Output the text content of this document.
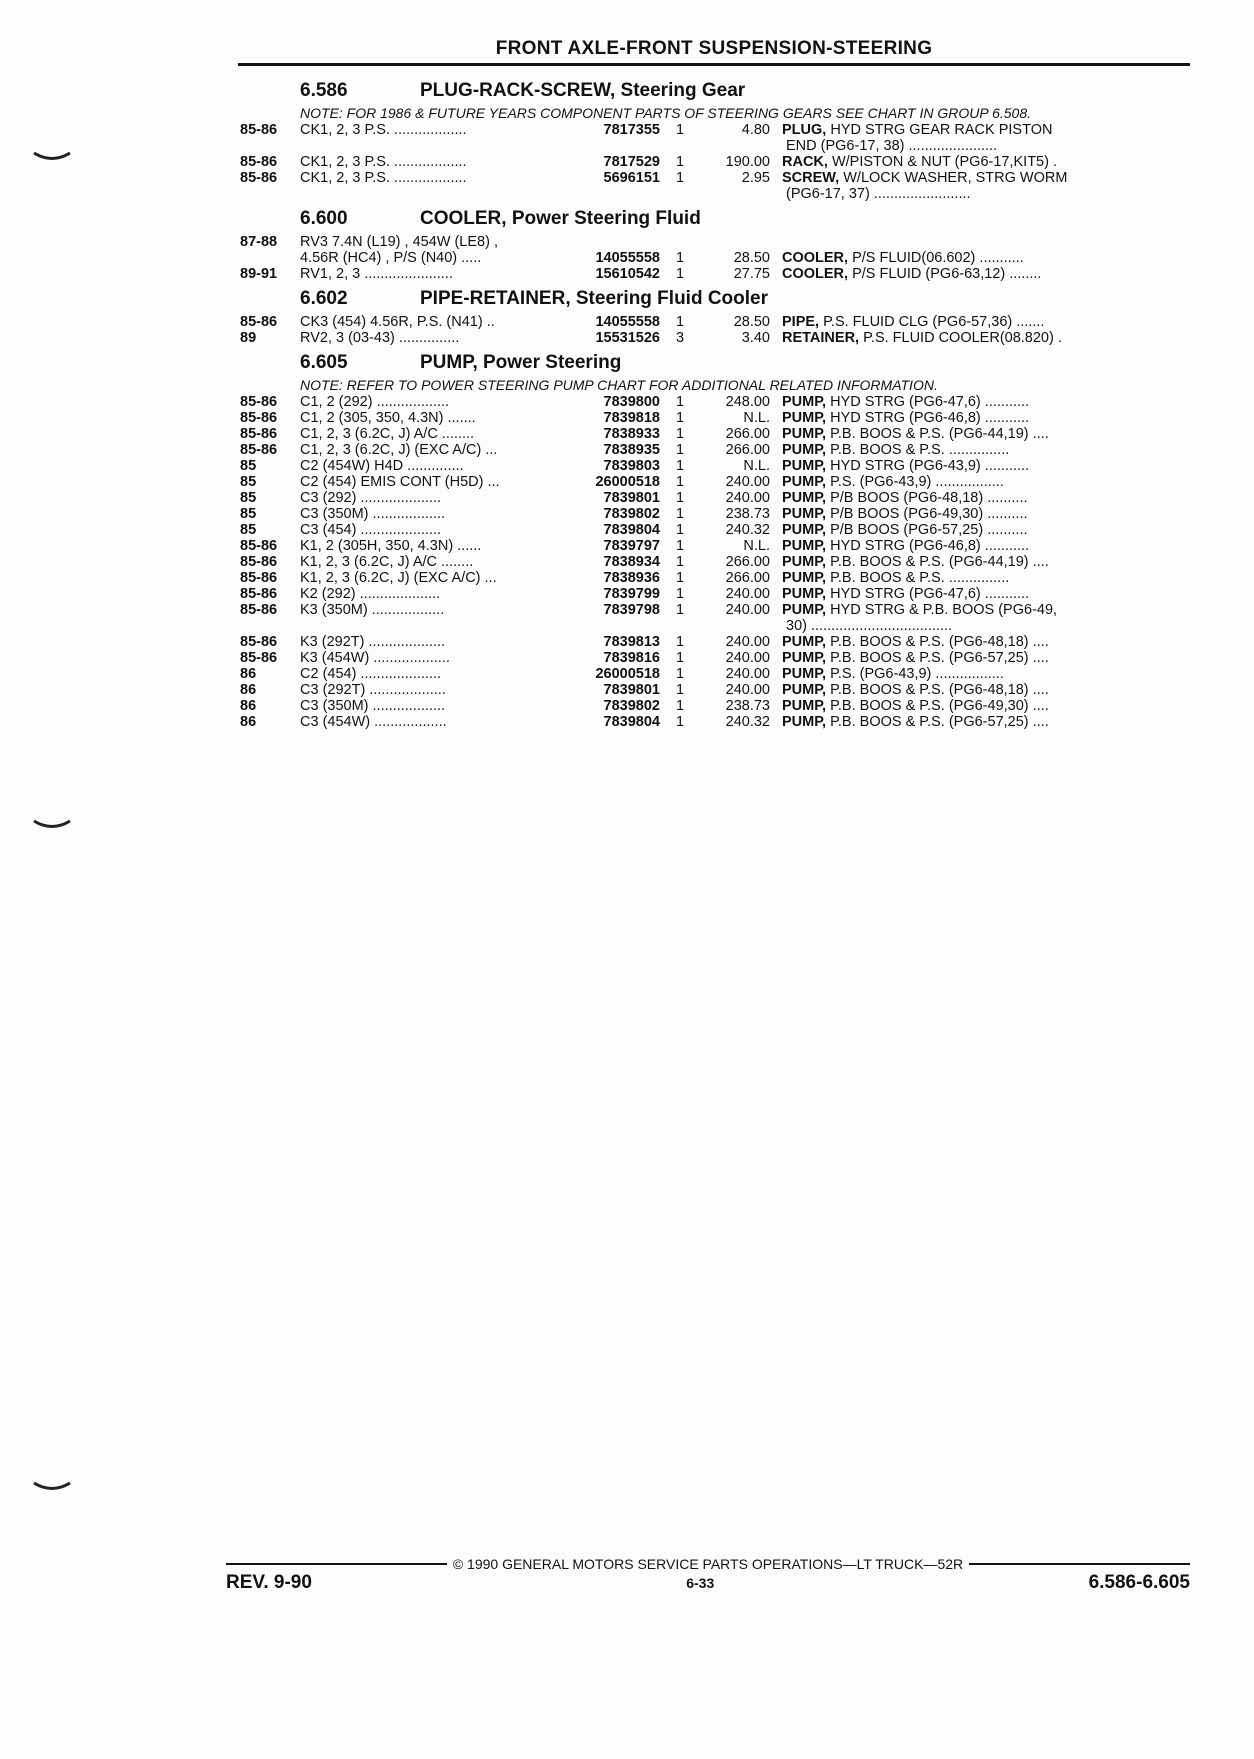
FRONT AXLE-FRONT SUSPENSION-STEERING
6.586	PLUG-RACK-SCREW, Steering Gear
NOTE: FOR 1986 & FUTURE YEARS COMPONENT PARTS OF STEERING GEARS SEE CHART IN GROUP 6.508.
85-86	CK1, 2, 3 P.S. ..................	7817355	1	4.80 PLUG, HYD STRG GEAR RACK PISTON
END (PG6-17, 38) ......................
85-86	CK1, 2, 3 P.S. ..................	7817529	1	190.00 RACK, W/PISTON & NUT (PG6-17,KIT5) .
85-86	CK1, 2, 3 P.S. ..................	5696151	1	2.95 SCREW, W/LOCK WASHER, STRG WORM
(PG6-17, 37) ........................
6.600	COOLER, Power Steering Fluid
87-88	RV3 7.4N (L19) , 454W (LE8) ,
4.56R (HC4) , P/S (N40) .....	14055558	1	28.50 COOLER, P/S FLUID(06.602) ...........
89-91	RV1, 2, 3 ......................	15610542	1	27.75 COOLER, P/S FLUID (PG6-63,12) ........
6.602	PIPE-RETAINER, Steering Fluid Cooler
85-86	CK3 (454) 4.56R, P.S. (N41) ..	14055558	1	28.50 PIPE, P.S. FLUID CLG (PG6-57,36) .......
89	RV2, 3 (03-43) ...............	15531526	3	3.40 RETAINER, P.S. FLUID COOLER(08.820) .
6.605	PUMP, Power Steering
NOTE: REFER TO POWER STEERING PUMP CHART FOR ADDITIONAL RELATED INFORMATION.
85-86	C1, 2 (292) ..................	7839800	1	248.00 PUMP, HYD STRG (PG6-47,6) ...........
85-86	C1, 2 (305, 350, 4.3N) .......	7839818	1	N.L. PUMP, HYD STRG (PG6-46,8) ...........
85-86	C1, 2, 3 (6.2C, J) A/C ........	7838933	1	266.00 PUMP, P.B. BOOS & P.S. (PG6-44,19) ....
85-86	C1, 2, 3 (6.2C, J) (EXC A/C) ...	7838935	1	266.00 PUMP, P.B. BOOS & P.S. ...............
85	C2 (454W) H4D ..............	7839803	1	N.L. PUMP, HYD STRG (PG6-43,9) ...........
85	C2 (454) EMIS CONT (H5D) ...	26000518	1	240.00 PUMP, P.S. (PG6-43,9) .................
85	C3 (292) ....................	7839801	1	240.00 PUMP, P/B BOOS (PG6-48,18) ..........
85	C3 (350M) ..................	7839802	1	238.73 PUMP, P/B BOOS (PG6-49,30) ..........
85	C3 (454) ....................	7839804	1	240.32 PUMP, P/B BOOS (PG6-57,25) ..........
85-86	K1, 2 (305H, 350, 4.3N) ......	7839797	1	N.L. PUMP, HYD STRG (PG6-46,8) ...........
85-86	K1, 2, 3 (6.2C, J) A/C ........	7838934	1	266.00 PUMP, P.B. BOOS & P.S. (PG6-44,19) ....
85-86	K1, 2, 3 (6.2C, J) (EXC A/C) ...	7838936	1	266.00 PUMP, P.B. BOOS & P.S. ...............
85-86	K2 (292) ....................	7839799	1	240.00 PUMP, HYD STRG (PG6-47,6) ...........
85-86	K3 (350M) ..................	7839798	1	240.00 PUMP, HYD STRG & P.B. BOOS (PG6-49,
30) ...................................
85-86	K3 (292T) ...................	7839813	1	240.00 PUMP, P.B. BOOS & P.S. (PG6-48,18) ....
85-86	K3 (454W) ...................	7839816	1	240.00 PUMP, P.B. BOOS & P.S. (PG6-57,25) ....
86	C2 (454) ....................	26000518	1	240.00 PUMP, P.S. (PG6-43,9) .................
86	C3 (292T) ...................	7839801	1	240.00 PUMP, P.B. BOOS & P.S. (PG6-48,18) ....
86	C3 (350M) ..................	7839802	1	238.73 PUMP, P.B. BOOS & P.S. (PG6-49,30) ....
86	C3 (454W) ..................	7839804	1	240.32 PUMP, P.B. BOOS & P.S. (PG6-57,25) ....
© 1990 GENERAL MOTORS SERVICE PARTS OPERATIONS—LT TRUCK—52R
REV. 9-90	6-33	6.586-6.605
